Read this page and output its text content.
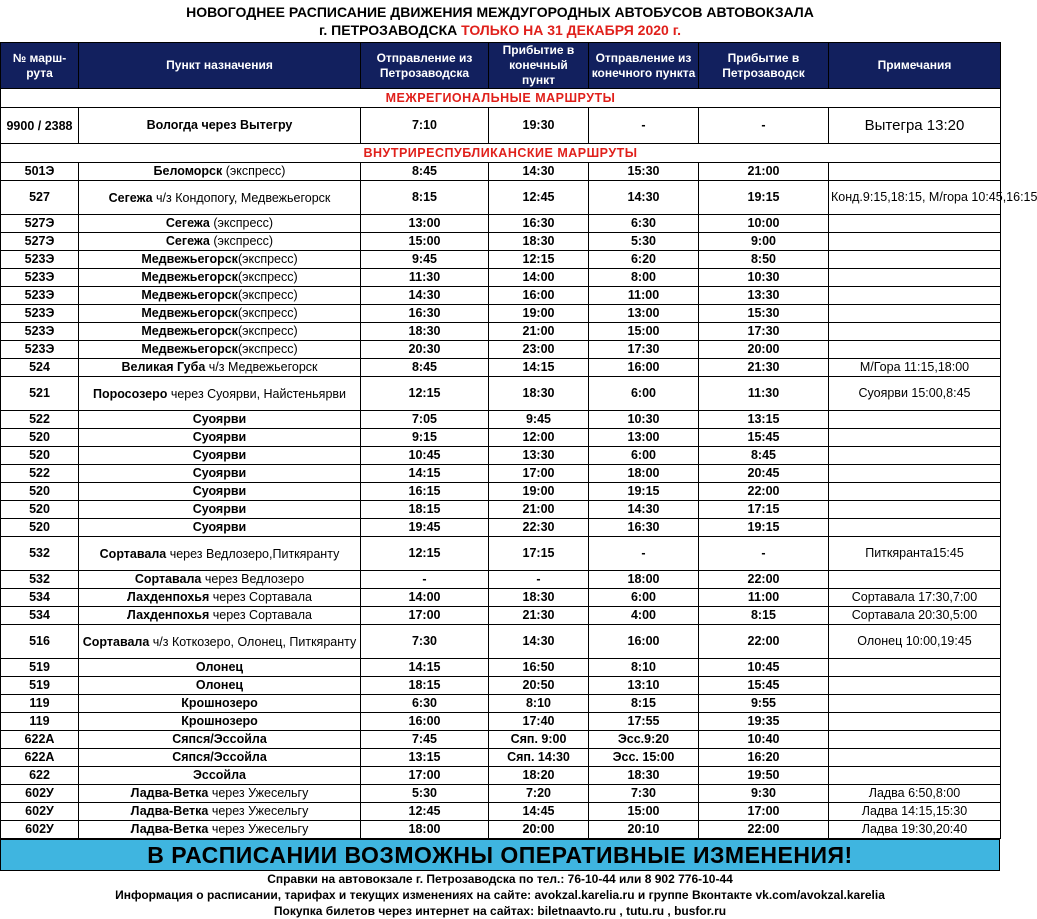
НОВОГОДНЕЕ РАСПИСАНИЕ ДВИЖЕНИЯ МЕЖДУГОРОДНЫХ АВТОБУСОВ АВТОВОКЗАЛА
г. ПЕТРОЗАВОДСКА ТОЛЬКО НА 31 ДЕКАБРЯ 2020 г.
№ марш-рута	Пункт назначения	Отправление из Петрозаводска	Прибытие в конечный пункт	Отправление из конечного пункта	Прибытие в Петрозаводск	Примечания
МЕЖРЕГИОНАЛЬНЫЕ МАРШРУТЫ						
9900 / 2388	Вологда через Вытегру	7:10	19:30	-	-	Вытегра 13:20
ВНУТРИРЕСПУБЛИКАНСКИЕ МАРШРУТЫ						
501Э	Беломорск (экспресс)	8:45	14:30	15:30	21:00	
527	Сегежа ч/з Кондопогу, Медвежьегорск	8:15	12:45	14:30	19:15	Конд.9:15,18:15, М/гора 10:45,16:15
527Э	Сегежа (экспресс)	13:00	16:30	6:30	10:00	
527Э	Сегежа (экспресс)	15:00	18:30	5:30	9:00	
523Э	Медвежьегорск(экспресс)	9:45	12:15	6:20	8:50	
523Э	Медвежьегорск(экспресс)	11:30	14:00	8:00	10:30	
523Э	Медвежьегорск(экспресс)	14:30	16:00	11:00	13:30	
523Э	Медвежьегорск(экспресс)	16:30	19:00	13:00	15:30	
523Э	Медвежьегорск(экспресс)	18:30	21:00	15:00	17:30	
523Э	Медвежьегорск(экспресс)	20:30	23:00	17:30	20:00	
524	Великая Губа ч/з Медвежьегорск	8:45	14:15	16:00	21:30	М/Гора 11:15,18:00
521	Поросозеро через Суоярви, Найстеньярви	12:15	18:30	6:00	11:30	Суоярви 15:00,8:45
522	Суоярви	7:05	9:45	10:30	13:15	
520	Суоярви	9:15	12:00	13:00	15:45	
520	Суоярви	10:45	13:30	6:00	8:45	
522	Суоярви	14:15	17:00	18:00	20:45	
520	Суоярви	16:15	19:00	19:15	22:00	
520	Суоярви	18:15	21:00	14:30	17:15	
520	Суоярви	19:45	22:30	16:30	19:15	
532	Сортавала через Ведлозеро,Питкяранту	12:15	17:15	-	-	Питкяранта15:45
532	Сортавала через Ведлозеро	-	-	18:00	22:00	
534	Лахденпохья через Сортавала	14:00	18:30	6:00	11:00	Сортавала 17:30,7:00
534	Лахденпохья через Сортавала	17:00	21:30	4:00	8:15	Сортавала 20:30,5:00
516	Сортавала ч/з Коткозеро, Олонец, Питкяранту	7:30	14:30	16:00	22:00	Олонец 10:00,19:45
519	Олонец	14:15	16:50	8:10	10:45	
519	Олонец	18:15	20:50	13:10	15:45	
119	Крошнозеро	6:30	8:10	8:15	9:55	
119	Крошнозеро	16:00	17:40	17:55	19:35	
622А	Сяпся/Эссойла	7:45	Сяп. 9:00	Эсс.9:20	10:40	
622А	Сяпся/Эссойла	13:15	Сяп. 14:30	Эсс. 15:00	16:20	
622	Эссойла	17:00	18:20	18:30	19:50	
602У	Ладва-Ветка через Ужесельгу	5:30	7:20	7:30	9:30	Ладва 6:50,8:00
602У	Ладва-Ветка через Ужесельгу	12:45	14:45	15:00	17:00	Ладва 14:15,15:30
602У	Ладва-Ветка через Ужесельгу	18:00	20:00	20:10	22:00	Ладва 19:30,20:40
В РАСПИСАНИИ ВОЗМОЖНЫ ОПЕРАТИВНЫЕ ИЗМЕНЕНИЯ!
Справки на автовокзале г. Петрозаводска по тел.: 76-10-44 или 8 902 776-10-44
Информация о расписании, тарифах и текущих изменениях на сайте: avokzal.karelia.ru и группе Вконтакте vk.com/avokzal.karelia
Покупка билетов через интернет на сайтах: biletnaavto.ru , tutu.ru , busfor.ru
